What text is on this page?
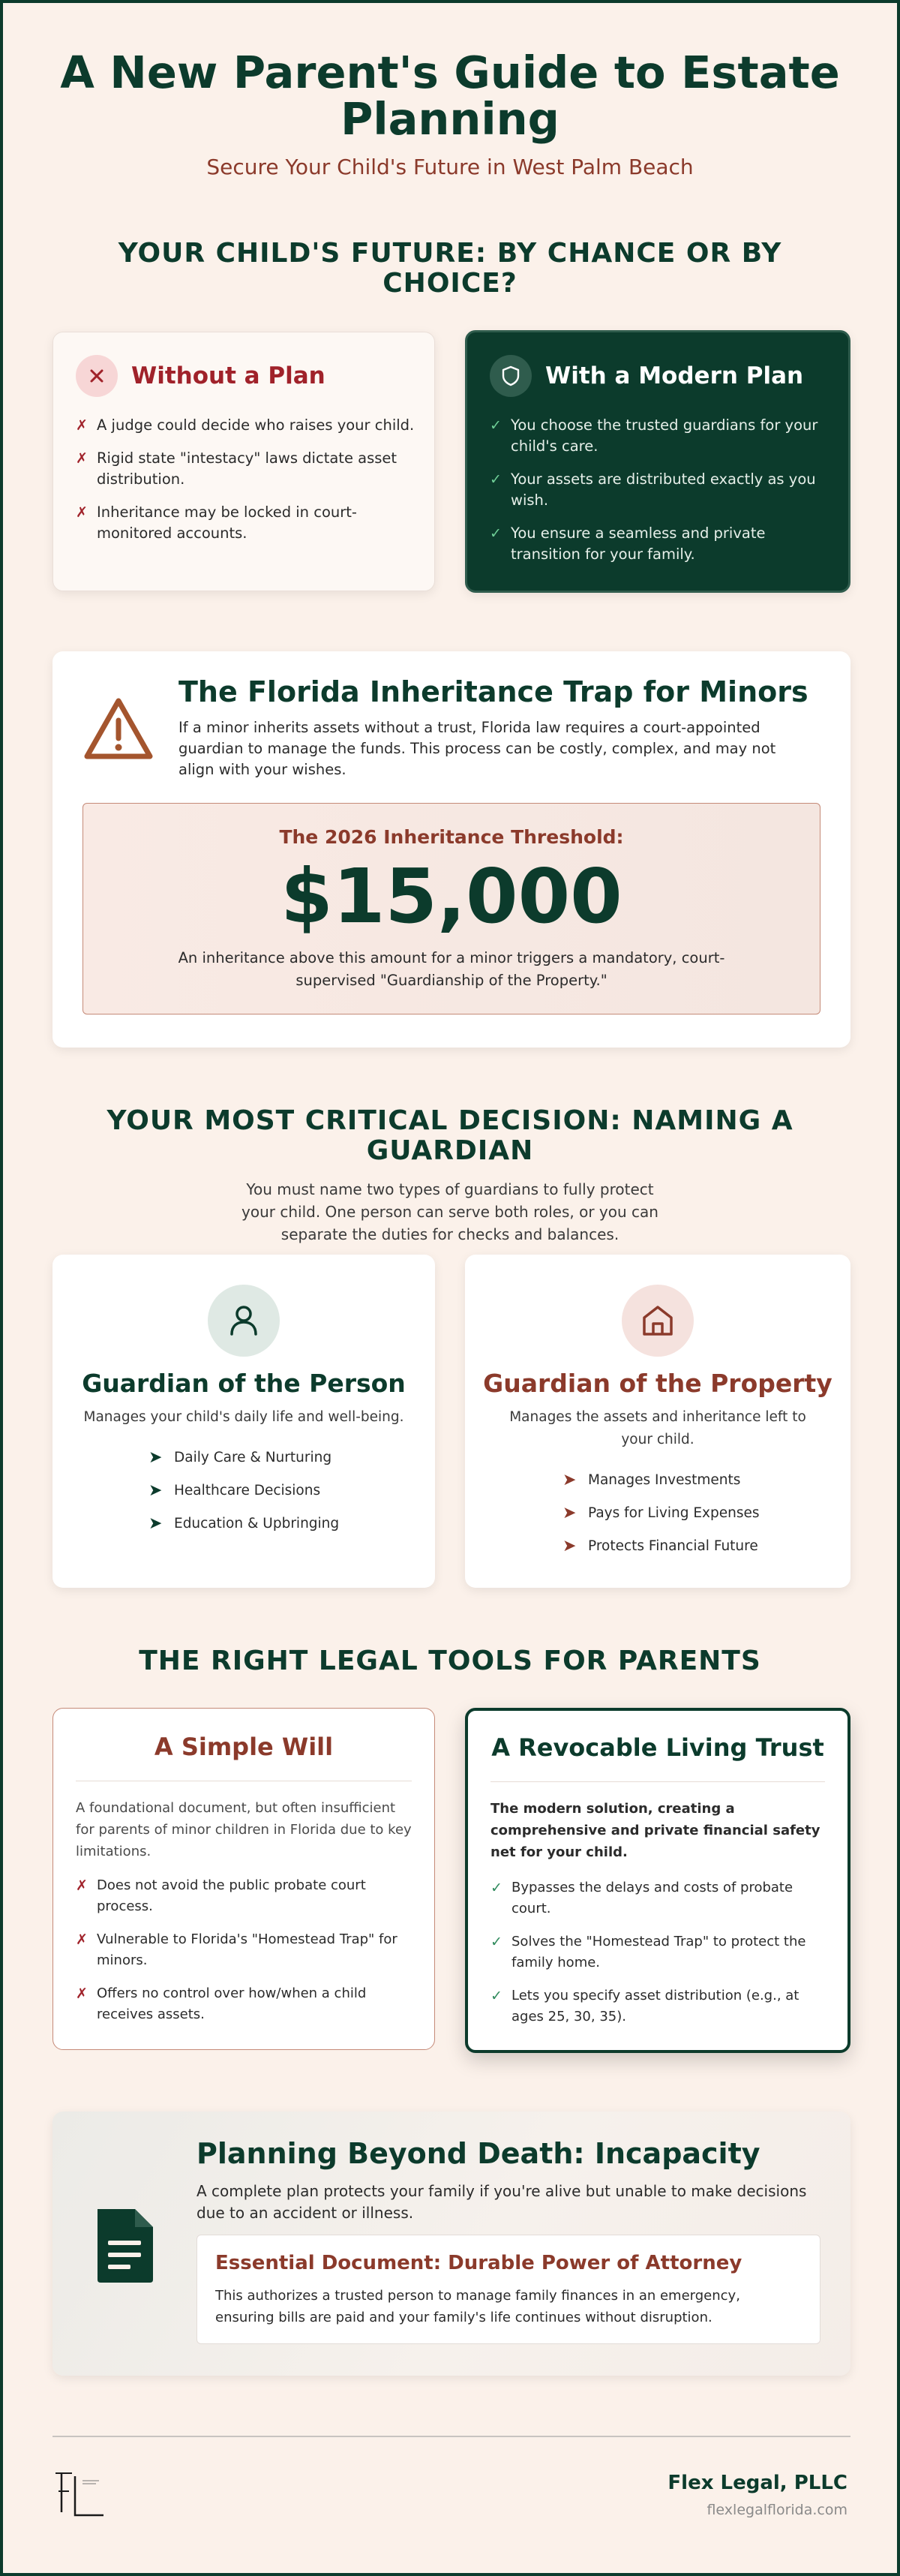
A New Parent's Guide to Estate Planning
Secure Your Child's Future in West Palm Beach
YOUR CHILD'S FUTURE: BY CHANCE OR BY CHOICE?
Without a Plan
✗ A judge could decide who raises your child.
✗ Rigid state "intestacy" laws dictate asset distribution.
✗ Inheritance may be locked in court-monitored accounts.
With a Modern Plan
✓ You choose the trusted guardians for your child's care.
✓ Your assets are distributed exactly as you wish.
✓ You ensure a seamless and private transition for your family.
The Florida Inheritance Trap for Minors
If a minor inherits assets without a trust, Florida law requires a court-appointed guardian to manage the funds. This process can be costly, complex, and may not align with your wishes.
The 2026 Inheritance Threshold:
$15,000
An inheritance above this amount for a minor triggers a mandatory, court-supervised "Guardianship of the Property."
YOUR MOST CRITICAL DECISION: NAMING A GUARDIAN
You must name two types of guardians to fully protect your child. One person can serve both roles, or you can separate the duties for checks and balances.
Guardian of the Person
Manages your child's daily life and well-being.
➤ Daily Care & Nurturing
➤ Healthcare Decisions
➤ Education & Upbringing
Guardian of the Property
Manages the assets and inheritance left to your child.
➤ Manages Investments
➤ Pays for Living Expenses
➤ Protects Financial Future
THE RIGHT LEGAL TOOLS FOR PARENTS
A Simple Will
A foundational document, but often insufficient for parents of minor children in Florida due to key limitations.
✗ Does not avoid the public probate court process.
✗ Vulnerable to Florida's "Homestead Trap" for minors.
✗ Offers no control over how/when a child receives assets.
A Revocable Living Trust
The modern solution, creating a comprehensive and private financial safety net for your child.
✓ Bypasses the delays and costs of probate court.
✓ Solves the "Homestead Trap" to protect the family home.
✓ Lets you specify asset distribution (e.g., at ages 25, 30, 35).
Planning Beyond Death: Incapacity
A complete plan protects your family if you're alive but unable to make decisions due to an accident or illness.
Essential Document: Durable Power of Attorney
This authorizes a trusted person to manage family finances in an emergency, ensuring bills are paid and your family's life continues without disruption.
Flex Legal, PLLC
flexlegalflorida.com
